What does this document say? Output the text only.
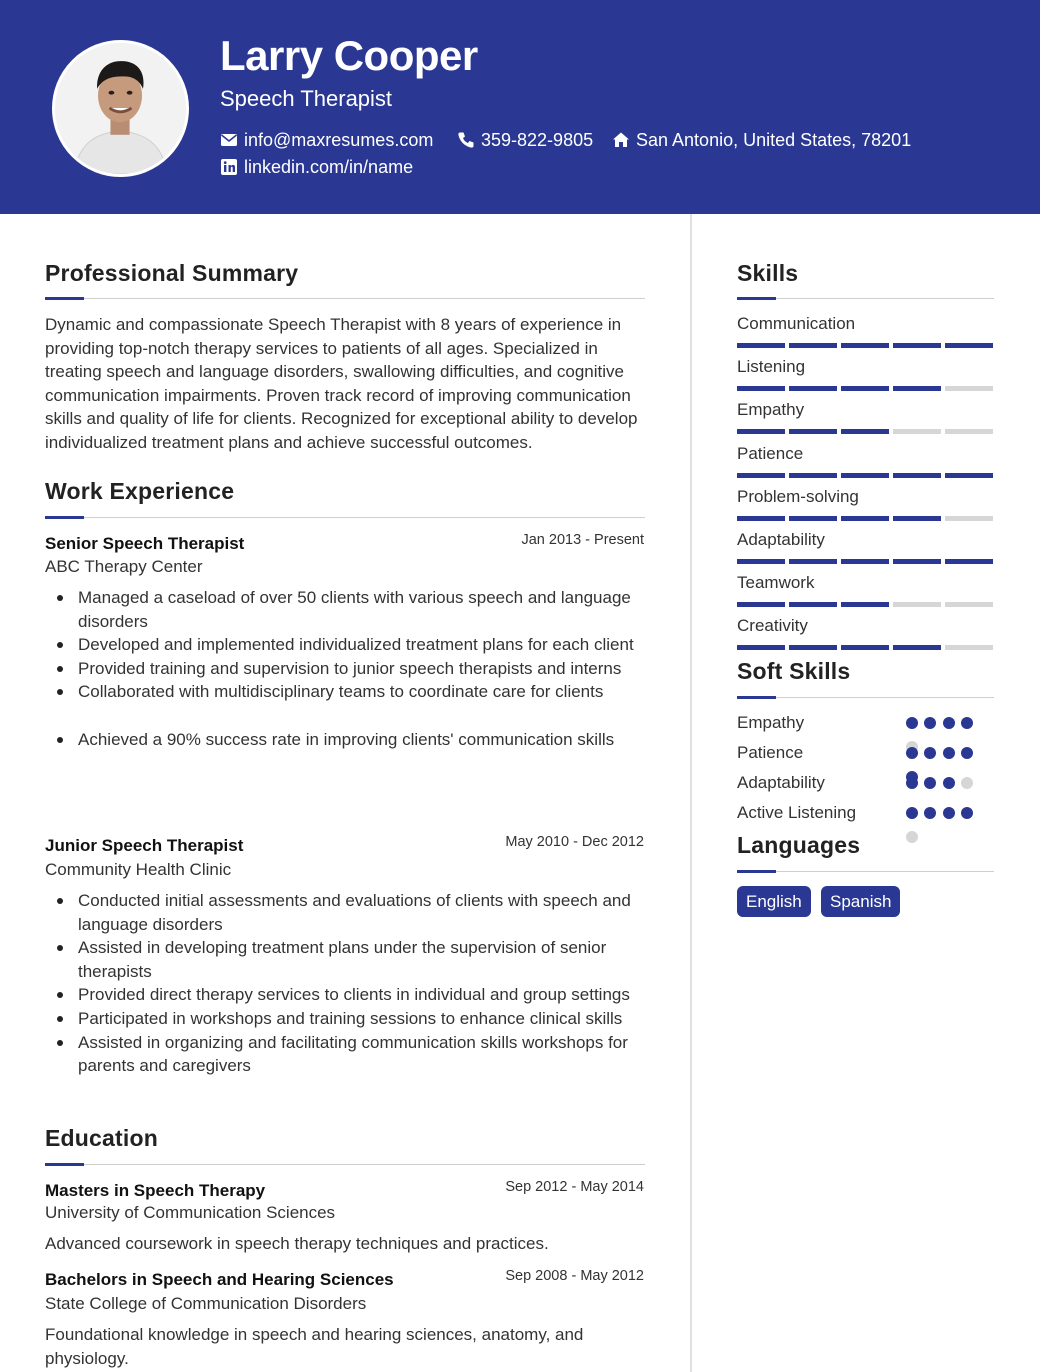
Larry Cooper
Speech Therapist
info@maxresumes.com	359-822-9805 San Antonio, United States, 78201
linkedin.com/in/name
Professional Summary
Dynamic and compassionate Speech Therapist with 8 years of experience in providing top-notch therapy services to patients of all ages. Specialized in treating speech and language disorders, swallowing difficulties, and cognitive communication impairments. Proven track record of improving communication skills and quality of life for clients. Recognized for exceptional ability to develop individualized treatment plans and achieve successful outcomes.
Work Experience
Senior Speech Therapist	Jan 2013 - Present
ABC Therapy Center
Managed a caseload of over 50 clients with various speech and language disorders
Developed and implemented individualized treatment plans for each client
Provided training and supervision to junior speech therapists and interns
Collaborated with multidisciplinary teams to coordinate care for clients
Achieved a 90% success rate in improving clients' communication skills
Junior Speech Therapist	May 2010 - Dec 2012
Community Health Clinic
Conducted initial assessments and evaluations of clients with speech and language disorders
Assisted in developing treatment plans under the supervision of senior therapists
Provided direct therapy services to clients in individual and group settings
Participated in workshops and training sessions to enhance clinical skills
Assisted in organizing and facilitating communication skills workshops for parents and caregivers
Education
Masters in Speech Therapy	Sep 2012 - May 2014
University of Communication Sciences
Advanced coursework in speech therapy techniques and practices.
Bachelors in Speech and Hearing Sciences	Sep 2008 - May 2012
State College of Communication Disorders
Foundational knowledge in speech and hearing sciences, anatomy, and physiology.
Skills
Communication
Listening
Empathy
Patience
Problem-solving
Adaptability
Teamwork
Creativity
Soft Skills
Empathy
Patience
Adaptability
Active Listening
Languages
English	Spanish
